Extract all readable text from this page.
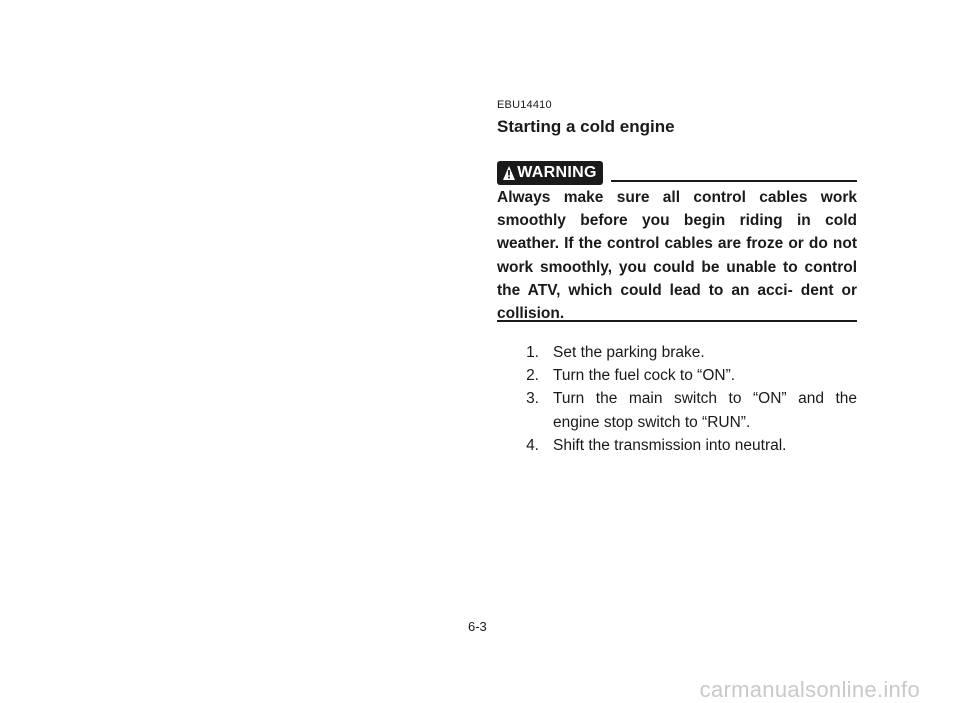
EBU14410
Starting a cold engine
WARNING

Always make sure all control cables work smoothly before you begin riding in cold weather. If the control cables are froze or do not work smoothly, you could be unable to control the ATV, which could lead to an acci- dent or collision.

1. Set the parking brake.
2. Turn the fuel cock to “ON”.
3. Turn the main switch to “ON” and the engine stop switch to “RUN”.
4. Shift the transmission into neutral.
6-3
carmanualsonline.info
